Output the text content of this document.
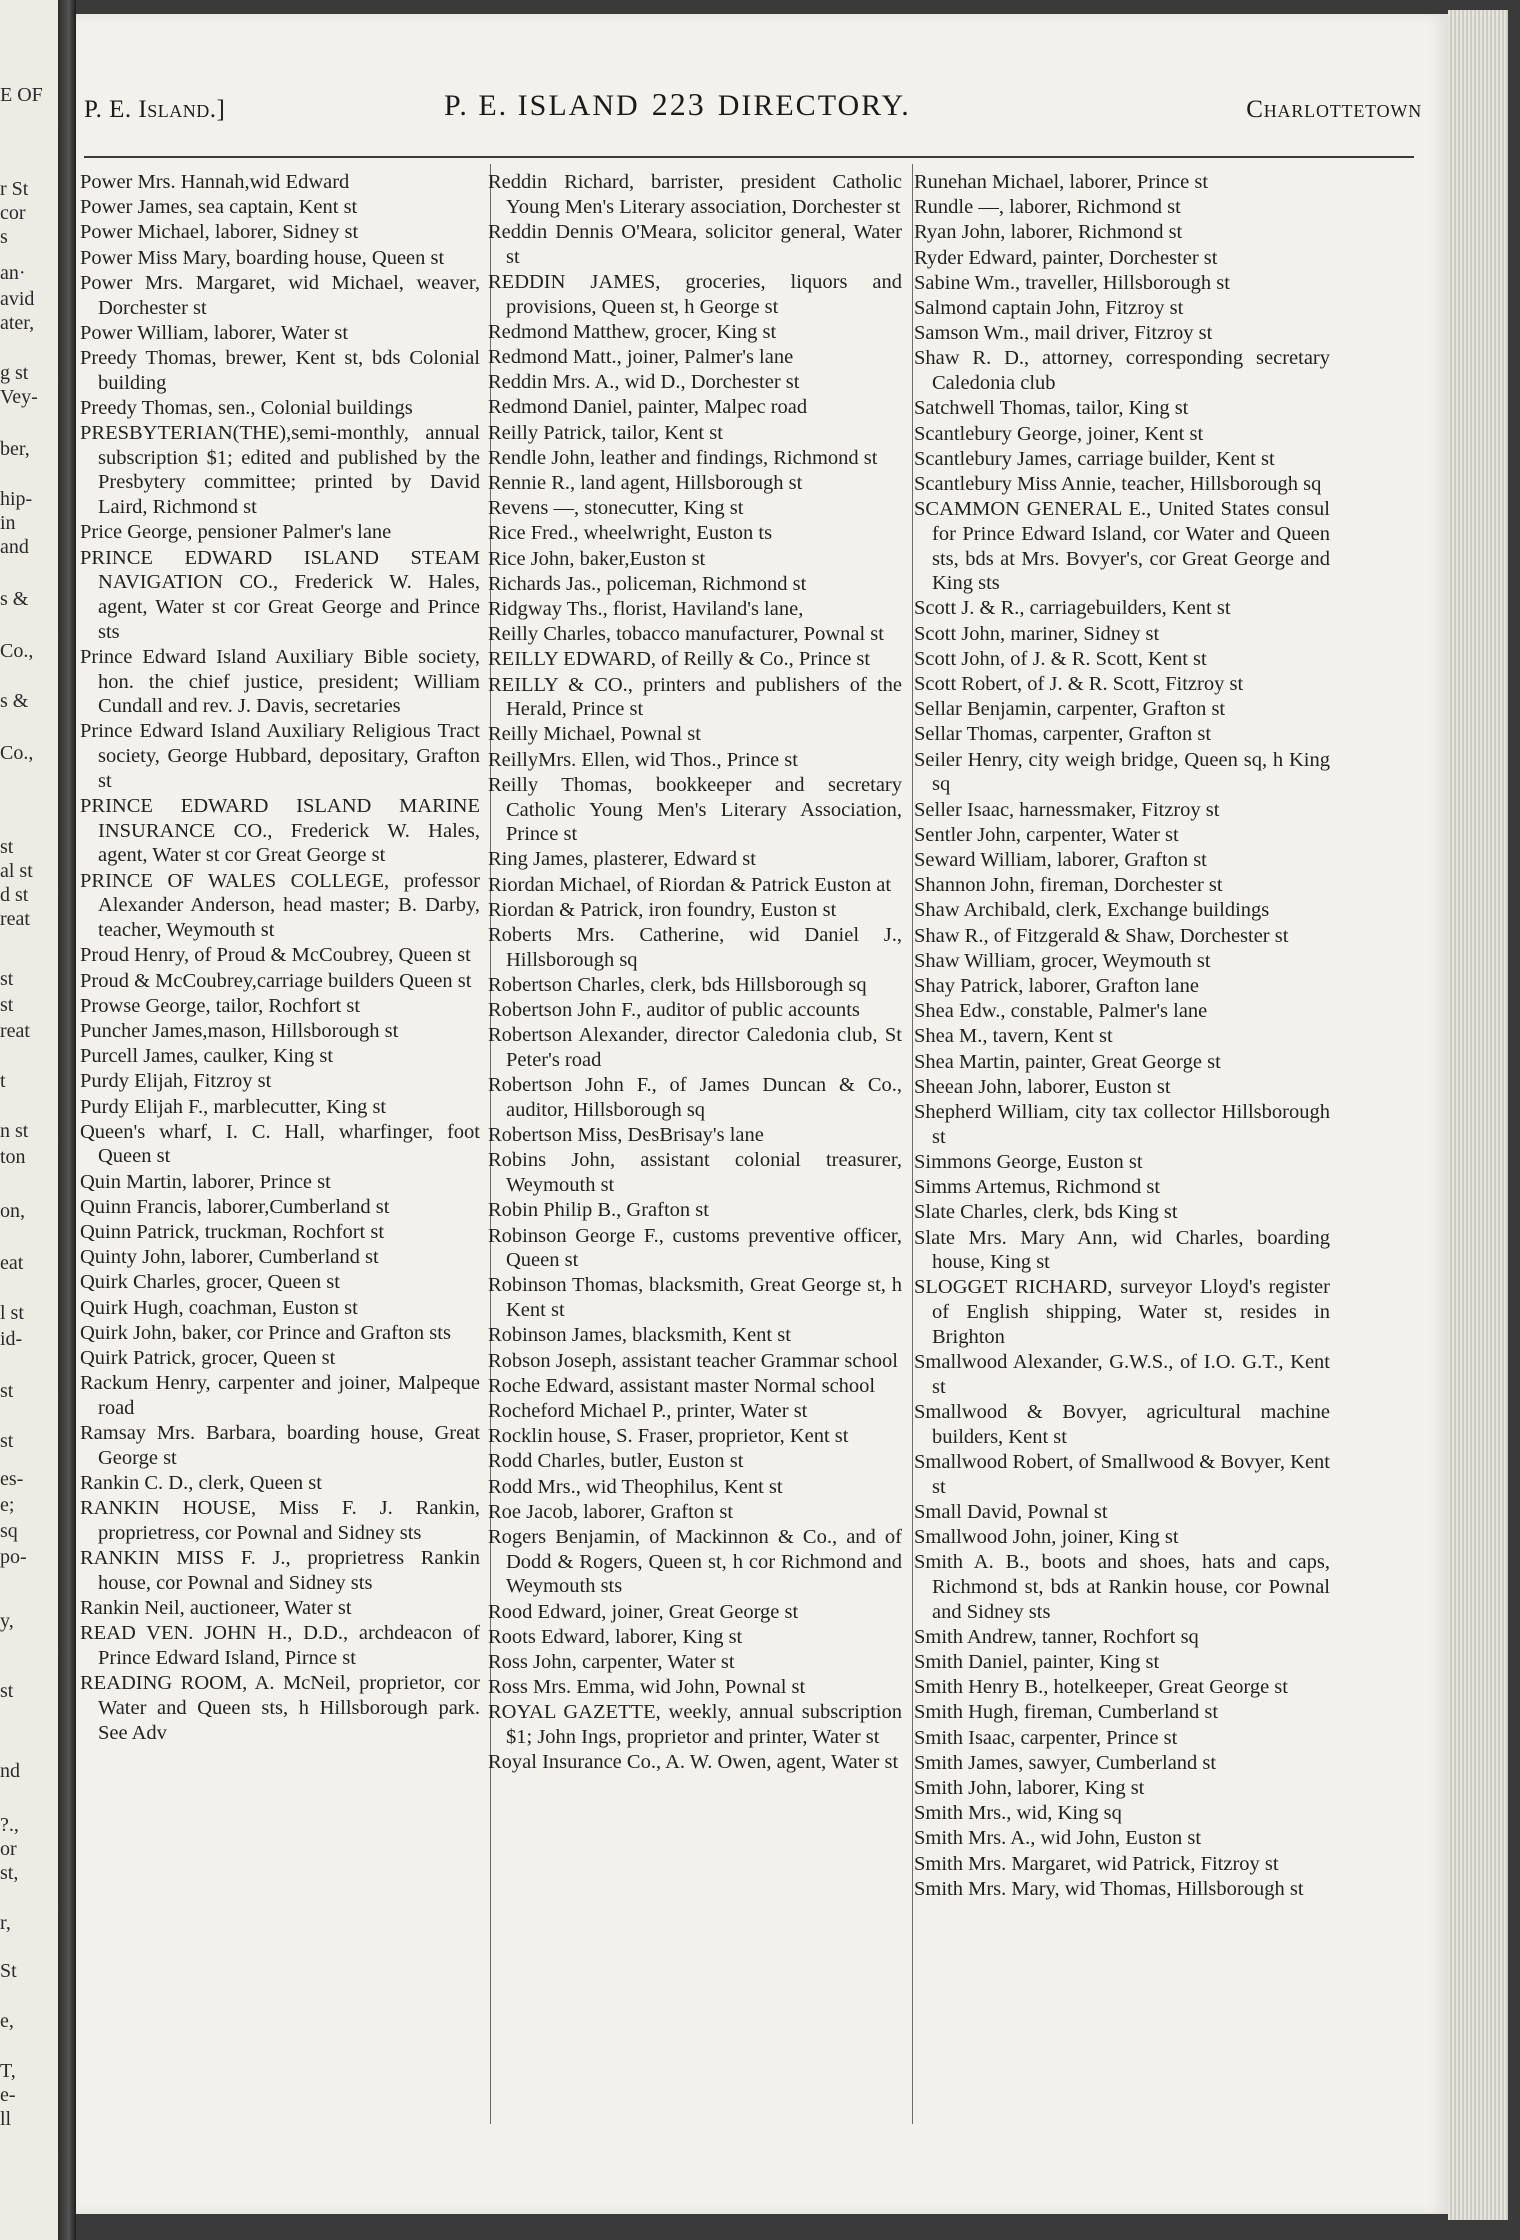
E OF
r St
cor
s
an·
avid
ater,
g st
Vey-
ber,
hip-
in
and
s &
Co.,
s &
Co.,
st
al st
d st
reat
st
st
reat
t
n st
ton
on,
eat
l st
id-
st
st
es-
e;
sq
po-
y,
st
nd
?.,
or
st,
r,
St
e,
T,
e-
ll
P. E. Island.]	P. E. ISLAND 223 DIRECTORY.	Charlottetown
Power Mrs. Hannah,wid Edward
Power James, sea captain, Kent st
Power Michael, laborer, Sidney st
Power Miss Mary, boarding house, Queen st
Power Mrs. Margaret, wid Michael, weaver, Dorchester st
Power William, laborer, Water st
Preedy Thomas, brewer, Kent st, bds Colonial building
Preedy Thomas, sen., Colonial buildings
PRESBYTERIAN(THE),semi-monthly, annual subscription $1; edited and published by the Presbytery committee; printed by David Laird, Richmond st
Price George, pensioner Palmer's lane
PRINCE EDWARD ISLAND STEAM NAVIGATION CO., Frederick W. Hales, agent, Water st cor Great George and Prince sts
Prince Edward Island Auxiliary Bible society, hon. the chief justice, president; William Cundall and rev. J. Davis, secretaries
Prince Edward Island Auxiliary Religious Tract society, George Hubbard, depositary, Grafton st
PRINCE EDWARD ISLAND MARINE INSURANCE CO., Frederick W. Hales, agent, Water st cor Great George st
PRINCE OF WALES COLLEGE, professor Alexander Anderson, head master; B. Darby, teacher, Weymouth st
Proud Henry, of Proud & McCoubrey, Queen st
Proud & McCoubrey,carriage builders Queen st
Prowse George, tailor, Rochfort st
Puncher James,mason, Hillsborough st
Purcell James, caulker, King st
Purdy Elijah, Fitzroy st
Purdy Elijah F., marblecutter, King st
Queen's wharf, I. C. Hall, wharfinger, foot Queen st
Quin Martin, laborer, Prince st
Quinn Francis, laborer,Cumberland st
Quinn Patrick, truckman, Rochfort st
Quinty John, laborer, Cumberland st
Quirk Charles, grocer, Queen st
Quirk Hugh, coachman, Euston st
Quirk John, baker, cor Prince and Grafton sts
Quirk Patrick, grocer, Queen st
Rackum Henry, carpenter and joiner, Malpeque road
Ramsay Mrs. Barbara, boarding house, Great George st
Rankin C. D., clerk, Queen st
RANKIN HOUSE, Miss F. J. Rankin, proprietress, cor Pownal and Sidney sts
RANKIN MISS F. J., proprietress Rankin house, cor Pownal and Sidney sts
Rankin Neil, auctioneer, Water st
READ VEN. JOHN H., D.D., archdeacon of Prince Edward Island, Pirnce st
READING ROOM, A. McNeil, proprietor, cor Water and Queen sts, h Hillsborough park. See Adv
Reddin Richard, barrister, president Catholic Young Men's Literary association, Dorchester st
Reddin Dennis O'Meara, solicitor general, Water st
REDDIN JAMES, groceries, liquors and provisions, Queen st, h George st
Redmond Matthew, grocer, King st
Redmond Matt., joiner, Palmer's lane
Reddin Mrs. A., wid D., Dorchester st
Redmond Daniel, painter, Malpec road
Reilly Patrick, tailor, Kent st
Rendle John, leather and findings, Richmond st
Rennie R., land agent, Hillsborough st
Revens —, stonecutter, King st
Rice Fred., wheelwright, Euston ts
Rice John, baker,Euston st
Richards Jas., policeman, Richmond st
Ridgway Ths., florist, Haviland's lane,
Reilly Charles, tobacco manufacturer, Pownal st
REILLY EDWARD, of Reilly & Co., Prince st
REILLY & CO., printers and publishers of the Herald, Prince st
Reilly Michael, Pownal st
ReillyMrs. Ellen, wid Thos., Prince st
Reilly Thomas, bookkeeper and secretary Catholic Young Men's Literary Association, Prince st
Ring James, plasterer, Edward st
Riordan Michael, of Riordan & Patrick Euston at
Riordan & Patrick, iron foundry, Euston st
Roberts Mrs. Catherine, wid Daniel J., Hillsborough sq
Robertson Charles, clerk, bds Hillsborough sq
Robertson John F., auditor of public accounts
Robertson Alexander, director Caledonia club, St Peter's road
Robertson John F., of James Duncan & Co., auditor, Hillsborough sq
Robertson Miss, DesBrisay's lane
Robins John, assistant colonial treasurer, Weymouth st
Robin Philip B., Grafton st
Robinson George F., customs preventive officer, Queen st
Robinson Thomas, blacksmith, Great George st, h Kent st
Robinson James, blacksmith, Kent st
Robson Joseph, assistant teacher Grammar school
Roche Edward, assistant master Normal school
Rocheford Michael P., printer, Water st
Rocklin house, S. Fraser, proprietor, Kent st
Rodd Charles, butler, Euston st
Rodd Mrs., wid Theophilus, Kent st
Roe Jacob, laborer, Grafton st
Rogers Benjamin, of Mackinnon & Co., and of Dodd & Rogers, Queen st, h cor Richmond and Weymouth sts
Rood Edward, joiner, Great George st
Roots Edward, laborer, King st
Ross John, carpenter, Water st
Ross Mrs. Emma, wid John, Pownal st
ROYAL GAZETTE, weekly, annual subscription $1; John Ings, proprietor and printer, Water st
Royal Insurance Co., A. W. Owen, agent, Water st
Runehan Michael, laborer, Prince st
Rundle —, laborer, Richmond st
Ryan John, laborer, Richmond st
Ryder Edward, painter, Dorchester st
Sabine Wm., traveller, Hillsborough st
Salmond captain John, Fitzroy st
Samson Wm., mail driver, Fitzroy st
Shaw R. D., attorney, corresponding secretary Caledonia club
Satchwell Thomas, tailor, King st
Scantlebury George, joiner, Kent st
Scantlebury James, carriage builder, Kent st
Scantlebury Miss Annie, teacher, Hillsborough sq
SCAMMON GENERAL E., United States consul for Prince Edward Island, cor Water and Queen sts, bds at Mrs. Bovyer's, cor Great George and King sts
Scott J. & R., carriagebuilders, Kent st
Scott John, mariner, Sidney st
Scott John, of J. & R. Scott, Kent st
Scott Robert, of J. & R. Scott, Fitzroy st
Sellar Benjamin, carpenter, Grafton st
Sellar Thomas, carpenter, Grafton st
Seiler Henry, city weigh bridge, Queen sq, h King sq
Seller Isaac, harnessmaker, Fitzroy st
Sentler John, carpenter, Water st
Seward William, laborer, Grafton st
Shannon John, fireman, Dorchester st
Shaw Archibald, clerk, Exchange buildings
Shaw R., of Fitzgerald & Shaw, Dorchester st
Shaw William, grocer, Weymouth st
Shay Patrick, laborer, Grafton lane
Shea Edw., constable, Palmer's lane
Shea M., tavern, Kent st
Shea Martin, painter, Great George st
Sheean John, laborer, Euston st
Shepherd William, city tax collector Hillsborough st
Simmons George, Euston st
Simms Artemus, Richmond st
Slate Charles, clerk, bds King st
Slate Mrs. Mary Ann, wid Charles, boarding house, King st
SLOGGET RICHARD, surveyor Lloyd's register of English shipping, Water st, resides in Brighton
Smallwood Alexander, G.W.S., of I.O. G.T., Kent st
Smallwood & Bovyer, agricultural machine builders, Kent st
Smallwood Robert, of Smallwood & Bovyer, Kent st
Small David, Pownal st
Smallwood John, joiner, King st
Smith A. B., boots and shoes, hats and caps, Richmond st, bds at Rankin house, cor Pownal and Sidney sts
Smith Andrew, tanner, Rochfort sq
Smith Daniel, painter, King st
Smith Henry B., hotelkeeper, Great George st
Smith Hugh, fireman, Cumberland st
Smith Isaac, carpenter, Prince st
Smith James, sawyer, Cumberland st
Smith John, laborer, King st
Smith Mrs., wid, King sq
Smith Mrs. A., wid John, Euston st
Smith Mrs. Margaret, wid Patrick, Fitzroy st
Smith Mrs. Mary, wid Thomas, Hillsborough st
